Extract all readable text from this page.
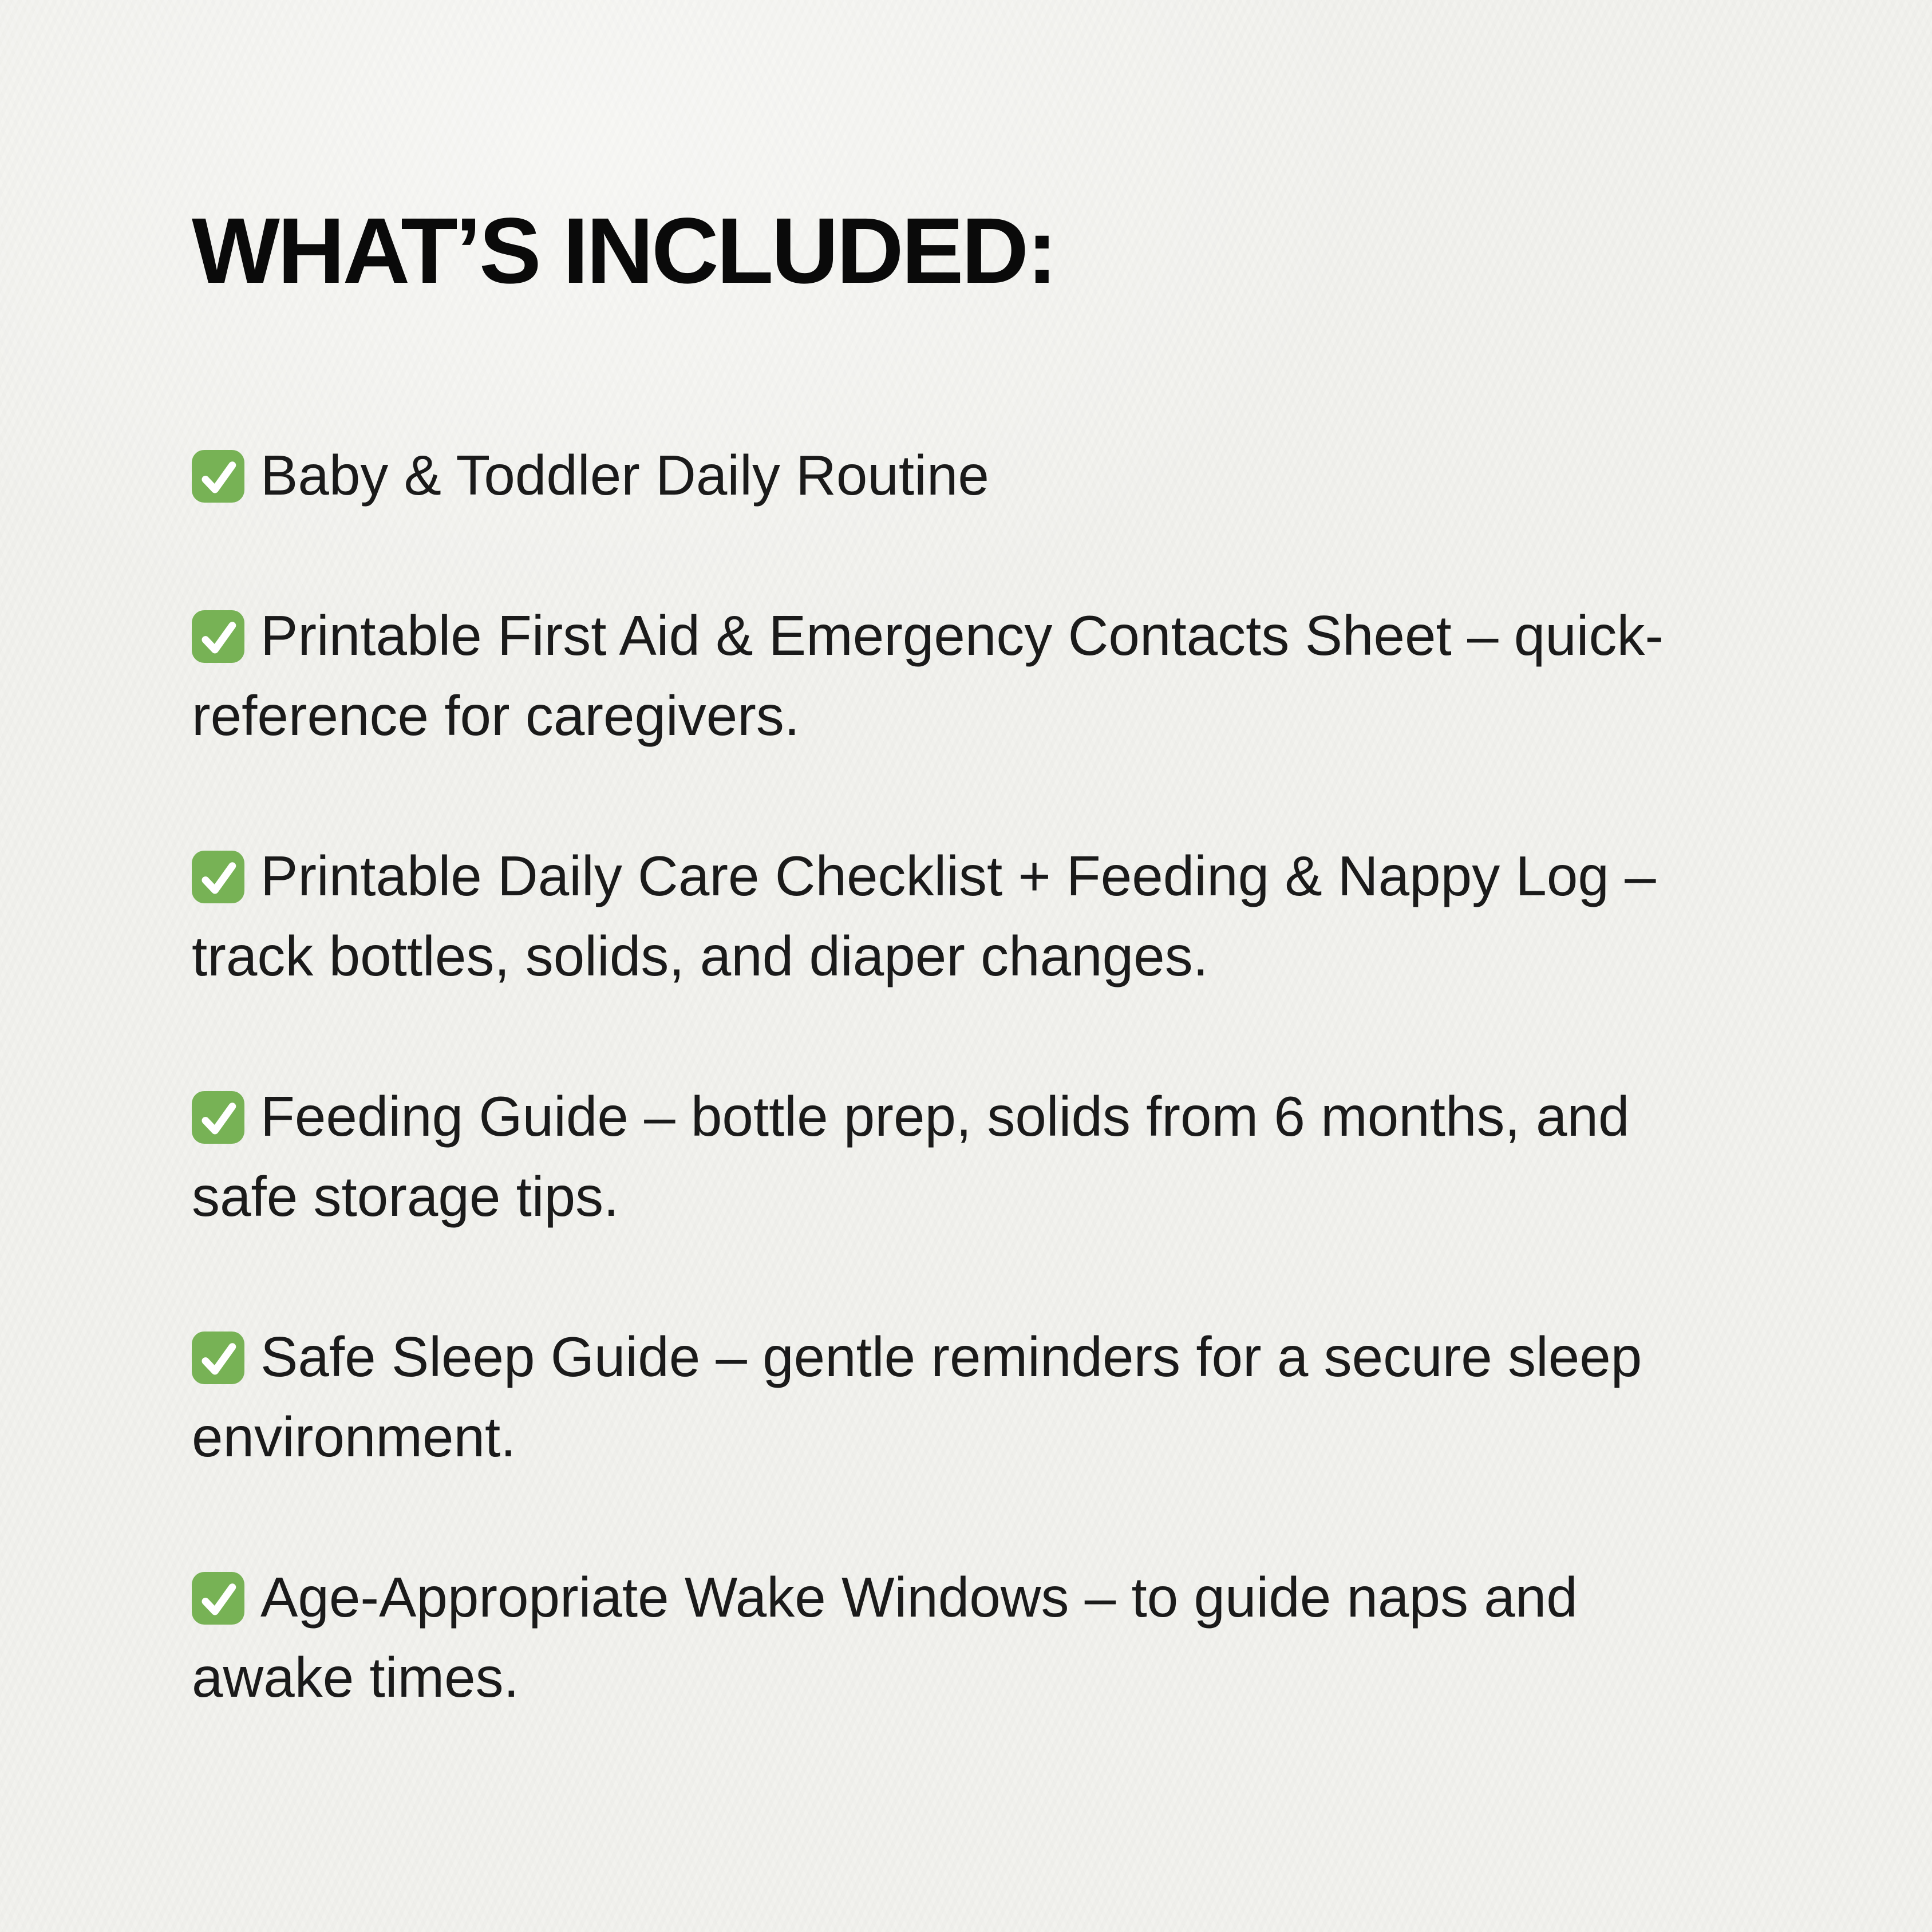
WHAT’S INCLUDED:
Baby & Toddler Daily Routine
Printable First Aid & Emergency Contacts Sheet – quick-reference for caregivers.
Printable Daily Care Checklist + Feeding & Nappy Log – track bottles, solids, and diaper changes.
Feeding Guide – bottle prep, solids from 6 months, and safe storage tips.
Safe Sleep Guide – gentle reminders for a secure sleep environment.
Age-Appropriate Wake Windows – to guide naps and awake times.
